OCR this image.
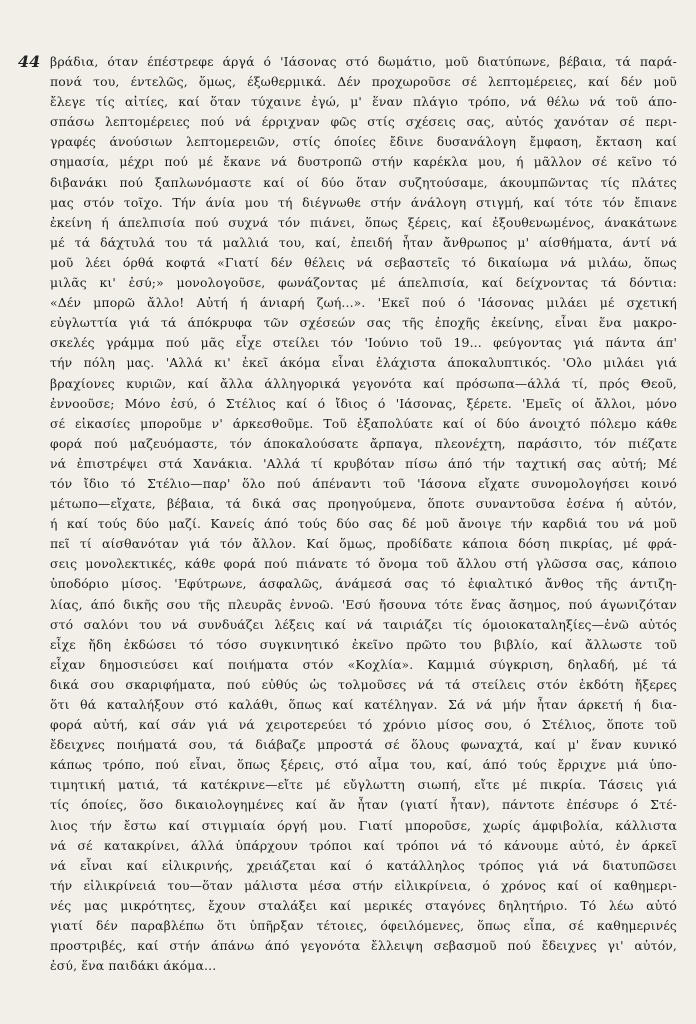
44 βράδια, όταν έπέστρεφε άργά ό 'Ιάσονας στό δωμάτιο, μοῦ διατύπωνε, βέβαια, τά παρά-
πονά του, έντελῶς, ὅμως, έξωθερμικά. Δέν προχωροῦσε σέ λεπτομέρειες, καί δέν μοῦ
ἔλεγε τίς αἰτίες, καί ὅταν τύχαινε ἐγώ, μ' ἕναν πλάγιο τρόπο, νά θέλω νά τοῦ άπο-
σπάσω λεπτομέρειες πού νά έρριχναν φῶς στίς σχέσεις σας, αὐτός χανόταν σέ περι-
γραφές άνούσιων λεπτομερειῶν, στίς όποίες ἔδινε δυσανάλογη ἔμφαση, ἔκταση καί
σημασία, μέχρι πού μέ ἔκανε νά δυστροπῶ στήν καρέκλα μου, ή μᾶλλον σέ κεῖνο τό
διβανάκι πού ξαπλωνόμαστε καί οί δύο ὅταν συζητούσαμε, άκουμπῶντας τίς πλάτες
μας στόν τοῖχο. Τήν άνία μου τή διέγνωθε στήν άνάλογη στιγμή, καί τότε τόν ἔπιανε
ἐκείνη ή άπελπισία πού συχνά τόν πιάνει, ὅπως ξέρεις, καί ἐξουθενωμένος, άνακάτωνε
μέ τά δάχτυλά του τά μαλλιά του, καί, ἐπειδή ἦταν ἄνθρωπος μ' αίσθήματα, άντί νά
μοῦ λέει όρθά κοφτά «Γιατί δέν θέλεις νά σεβαστεῖς τό δικαίωμα νά μιλάω, ὅπως
μιλᾶς κι' ἐσύ;» μονολογοῦσε, φωνάζοντας μέ άπελπισία, καί δείχνοντας τά δόντια:
«Δέν μπορῶ ἄλλο! Αὐτή ή άνιαρή ζωή...». 'Εκεῖ πού ό 'Ιάσονας μιλάει μέ σχετική
εὐγλωττία γιά τά άπόκρυφα τῶν σχέσεών σας τῆς ἐποχῆς ἐκείνης, εἶναι ἕνα μακρο-
σκελές γράμμα πού μᾶς εἶχε στείλει τόν 'Ιούνιο τοῦ 19... φεύγοντας γιά πάντα άπ'
τήν πόλη μας. 'Αλλά κι' ἐκεῖ άκόμα εἶναι ἐλάχιστα άποκαλυπτικός. 'Ολο μιλάει γιά
βραχίονες κυριῶν, καί ἄλλα άλληγορικά γεγονότα καί πρόσωπα—άλλά τί, πρός Θεοῦ,
ἐννοοῦσε; Μόνο ἐσύ, ό Στέλιος καί ό ἴδιος ό 'Ιάσονας, ξέρετε. 'Εμεῖς οί ἄλλοι, μόνο
σέ εἰκασίες μποροῦμε ν' άρκεσθοῦμε. Τοῦ ἐξαπολύατε καί οί δύο άνοιχτό πόλεμο κάθε
φορά πού μαζευόμαστε, τόν άποκαλούσατε ἄρπαγα, πλεονέχτη, παράσιτο, τόν πιέζατε
νά ἐπιστρέψει στά Χανάκια. 'Αλλά τί κρυβόταν πίσω άπό τήν ταχτική σας αὐτή; Μέ
τόν ἴδιο τό Στέλιο—παρ' ὅλο πού άπέναντι τοῦ 'Ιάσονα εἴχατε συνομολογήσει κοινό
μέτωπο—εἴχατε, βέβαια, τά δικά σας προηγούμενα, ὅποτε συναντοῦσα ἐσένα ή αὐτόν,
ή καί τούς δύο μαζί. Κανείς άπό τούς δύο σας δέ μοῦ ἄνοιγε τήν καρδιά του νά μοῦ
πεῖ τί αίσθανόταν γιά τόν ἄλλον. Καί ὅμως, προδίδατε κάποια δόση πικρίας, μέ φρά-
σεις μονολεκτικές, κάθε φορά πού πιάνατε τό ὄνομα τοῦ ἄλλου στή γλῶσσα σας, κάποιο
ὑποδόριο μίσος. 'Εφύτρωνε, άσφαλῶς, άνάμεσά σας τό ἐφιαλτικό ἄνθος τῆς άντιζη-
λίας, άπό δικῆς σου τῆς πλευρᾶς ἐννοῶ. 'Εσύ ἤσουνα τότε ἕνας ἄσημος, πού άγωνιζόταν
στό σαλόνι του νά συνδυάζει λέξεις καί νά ταιριάζει τίς όμοιοκαταληξίες—ἐνῶ αὐτός
εἶχε ἤδη ἐκδώσει τό τόσο συγκινητικό ἐκεῖνο πρῶτο του βιβλίο, καί ἄλλωστε τοῦ
εἶχαν δημοσιεύσει καί ποιήματα στόν «Κοχλία». Καμμιά σύγκριση, δηλαδή, μέ τά
δικά σου σκαριφήματα, πού εὐθύς ὡς τολμοῦσες νά τά στείλεις στόν ἐκδότη ἤξερες
ὅτι θά καταλήξουν στό καλάθι, ὅπως καί κατέληγαν. Σά νά μήν ἦταν άρκετή ή δια-
φορά αὐτή, καί σάν γιά νά χειροτερεύει τό χρόνιο μίσος σου, ό Στέλιος, ὅποτε τοῦ
ἔδειχνες ποιήματά σου, τά διάβαζε μπροστά σέ ὅλους φωναχτά, καί μ' ἕναν κυνικό
κάπως τρόπο, πού εἶναι, ὅπως ξέρεις, στό αἷμα του, καί, άπό τούς ἔρριχνε μιά ὑπο-
τιμητική ματιά, τά κατέκρινε—εἴτε μέ εὔγλωττη σιωπή, εἴτε μέ πικρία. Τάσεις γιά
τίς όποίες, ὅσο δικαιολογημένες καί ἄν ἦταν (γιατί ἦταν), πάντοτε ἐπέσυρε ό Στέ-
λιος τήν ἔστω καί στιγμιαία όργή μου. Γιατί μποροῦσε, χωρίς άμφιβολία, κάλλιστα
νά σέ κατακρίνει, άλλά ὑπάρχουν τρόποι καί τρόποι νά τό κάνουμε αὐτό, ἐν άρκεῖ
νά εἶναι καί εἰλικρινής, χρειάζεται καί ό κατάλληλος τρόπος γιά νά διατυπῶσει
τήν εἰλικρίνειά του—ὅταν μάλιστα μέσα στήν εἰλικρίνεια, ό χρόνος καί οί καθημερι-
νές μας μικρότητες, ἔχουν σταλάξει καί μερικές σταγόνες δηλητήριο. Τό λέω αὐτό
γιατί δέν παραβλέπω ὅτι ὑπῆρξαν τέτοιες, όφειλόμενες, ὅπως εἶπα, σέ καθημερινές
προστριβές, καί στήν άπάνω άπό γεγονότα ἔλλειψη σεβασμοῦ πού ἔδειχνες γι' αὐτόν,
ἐσύ, ἕνα παιδάκι άκόμα...
